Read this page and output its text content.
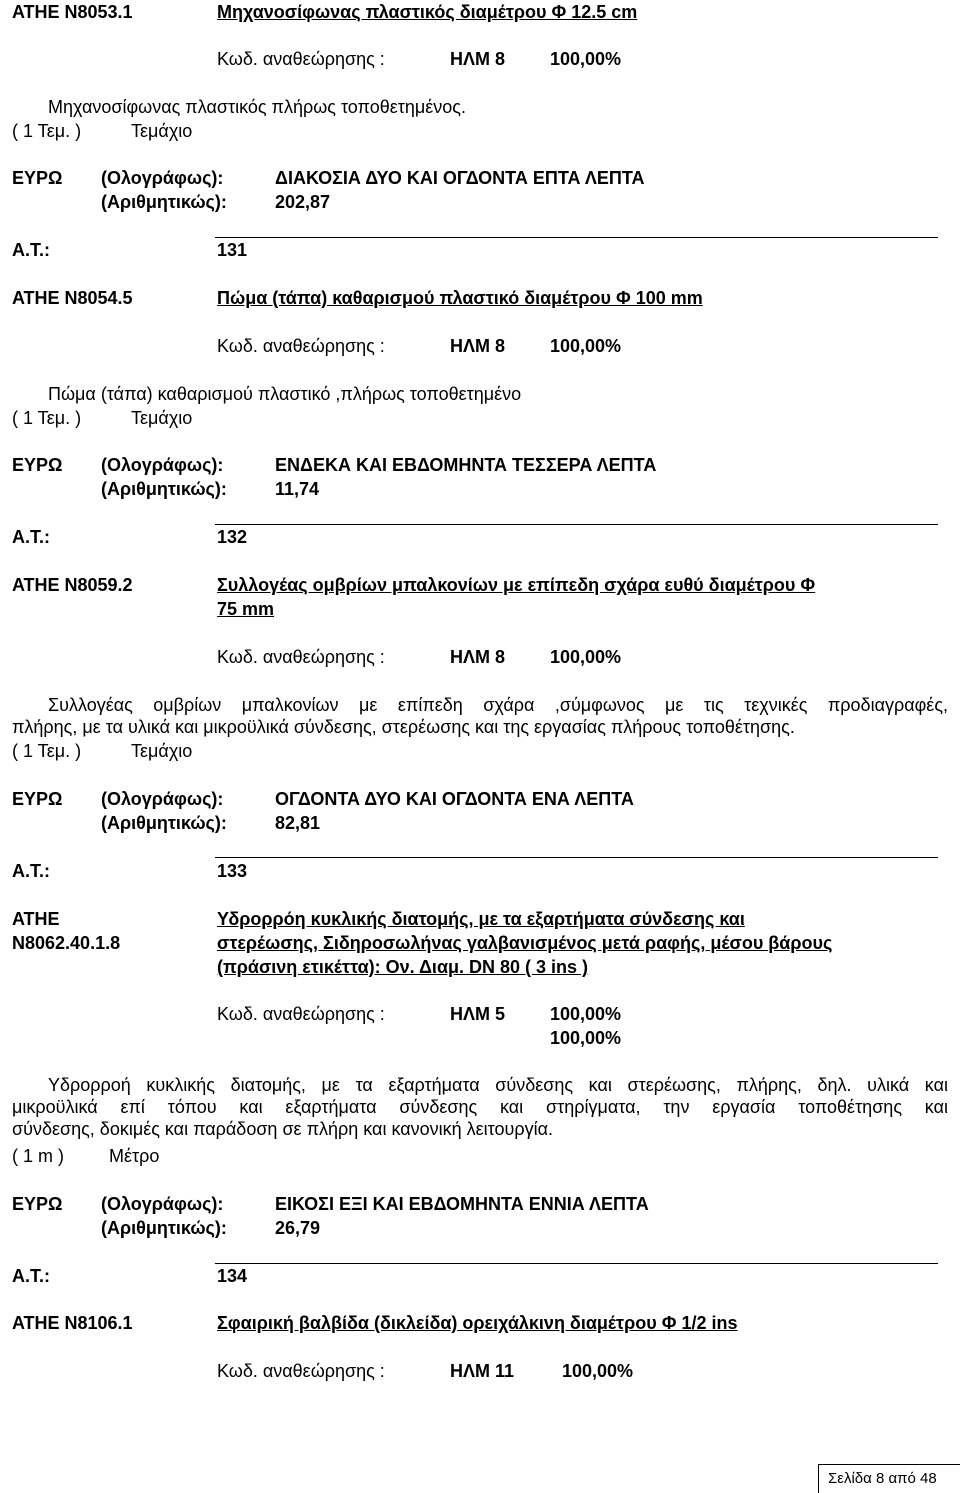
ΑΤΗΕ Ν8053.1	Μηχανοσίφωνας πλαστικός διαμέτρου Φ 12.5 cm
Κωδ. αναθεώρησης :	ΗΛΜ 8 100,00%
Μηχανοσίφωνας πλαστικός πλήρως τοποθετημένος.
( 1 Τεμ. )	Τεμάχιο
ΕΥΡΩ (Ολογράφως):	ΔΙΑΚΟΣΙΑ ΔΥΟ ΚΑΙ ΟΓΔΟΝΤΑ ΕΠΤΑ ΛΕΠΤΑ
(Αριθμητικώς):	202,87
Α.Τ.:	131
ΑΤΗΕ Ν8054.5	Πώμα (τάπα) καθαρισμού πλαστικό διαμέτρου Φ 100 mm
Κωδ. αναθεώρησης :	ΗΛΜ 8 100,00%
Πώμα (τάπα) καθαρισμού πλαστικό ,πλήρως τοποθετημένο
( 1 Τεμ. )	Τεμάχιο
ΕΥΡΩ (Ολογράφως):	ΕΝΔΕΚΑ ΚΑΙ ΕΒΔΟΜΗΝΤΑ ΤΕΣΣΕΡΑ ΛΕΠΤΑ
(Αριθμητικώς):	11,74
Α.Τ.:	132
ΑΤΗΕ Ν8059.2	Συλλογέας ομβρίων μπαλκονίων με επίπεδη σχάρα ευθύ διαμέτρου Φ
75 mm
Κωδ. αναθεώρησης :	ΗΛΜ 8 100,00%
Συλλογέας ομβρίων μπαλκονίων με επίπεδη σχάρα ,σύμφωνος με τις τεχνικές προδιαγραφές,
πλήρης, με τα υλικά και μικροϋλικά σύνδεσης, στερέωσης και της εργασίας πλήρους τοποθέτησης.
( 1 Τεμ. )	Τεμάχιο
ΕΥΡΩ (Ολογράφως):	ΟΓΔΟΝΤΑ ΔΥΟ ΚΑΙ ΟΓΔΟΝΤΑ ΕΝΑ ΛΕΠΤΑ
(Αριθμητικώς):	82,81
Α.Τ.:	133
ΑΤΗΕ
Ν8062.40.1.8
Υδρορρόη κυκλικής διατομής, με τα εξαρτήματα σύνδεσης και
στερέωσης, Σιδηροσωλήνας γαλβανισμένος μετά ραφής, μέσου βάρους
(πράσινη ετικέττα): Ον. Διαμ. DN 80 ( 3 ins )
Κωδ. αναθεώρησης :	ΗΛΜ 5 100,00%
100,00%
Υδρορροή κυκλικής διατομής, με τα εξαρτήματα σύνδεσης και στερέωσης, πλήρης, δηλ. υλικά και
μικροϋλικά επί τόπου και εξαρτήματα σύνδεσης και στηρίγματα, την εργασία τοποθέτησης και
σύνδεσης, δοκιμές και παράδοση σε πλήρη και κανονική λειτουργία.
( 1 m )	Μέτρο
ΕΥΡΩ (Ολογράφως):	ΕΙΚΟΣΙ ΕΞΙ ΚΑΙ ΕΒΔΟΜΗΝΤΑ ΕΝΝΙΑ ΛΕΠΤΑ
(Αριθμητικώς):	26,79
Α.Τ.:	134
ΑΤΗΕ Ν8106.1	Σφαιρική βαλβίδα (δικλείδα) ορειχάλκινη διαμέτρου Φ 1/2 ins
Κωδ. αναθεώρησης :	ΗΛΜ 11	100,00%
Σελίδα 8 από 48
